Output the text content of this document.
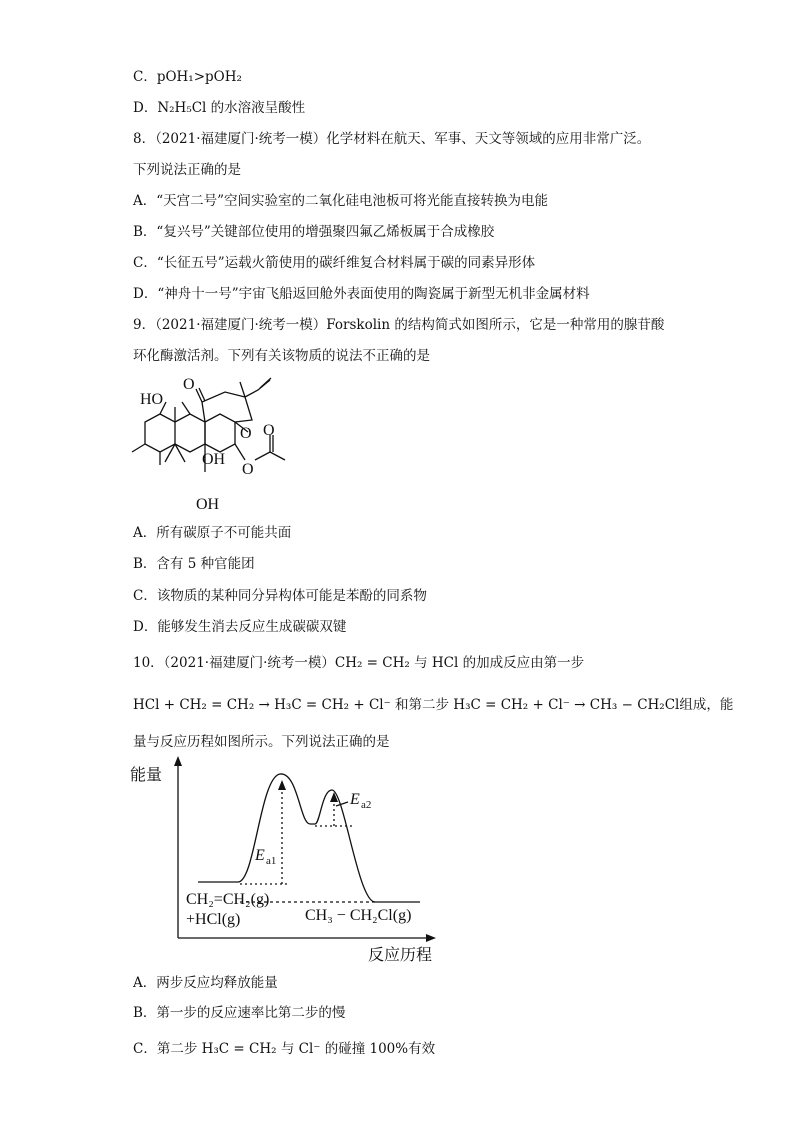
C．pOH₁>pOH₂
D．N₂H₅Cl 的水溶液呈酸性
8．（2021·福建厦门·统考一模）化学材料在航天、军事、天文等领域的应用非常广泛。
下列说法正确的是
A．“天宫二号”空间实验室的二氧化硅电池板可将光能直接转换为电能
B．“复兴号”关键部位使用的增强聚四氟乙烯板属于合成橡胶
C．“长征五号”运载火箭使用的碳纤维复合材料属于碳的同素异形体
D．“神舟十一号”宇宙飞船返回舱外表面使用的陶瓷属于新型无机非金属材料
9．（2021·福建厦门·统考一模）Forskolin 的结构简式如图所示，它是一种常用的腺苷酸
环化酶激活剂。下列有关该物质的说法不正确的是
HO
OH
OH
O
O
O
O
A．所有碳原子不可能共面
B．含有 5 种官能团
C．该物质的某种同分异构体可能是苯酚的同系物
D．能够发生消去反应生成碳碳双键
10．（2021·福建厦门·统考一模）CH₂ = CH₂ 与 HCl 的加成反应由第一步
HCl + CH₂ = CH₂ → H₃C = CH₂ + Cl⁻ 和第二步 H₃C = CH₂ + Cl⁻ → CH₃ − CH₂Cl组成，能
量与反应历程如图所示。下列说法正确的是
能量
反应历程
E a1
E a2
CH₂=CH₂(g)
+HCl(g)	CH₃ − CH₂Cl(g)
A．两步反应均释放能量
B．第一步的反应速率比第二步的慢
C．第二步 H₃C = CH₂ 与 Cl⁻ 的碰撞 100%有效
